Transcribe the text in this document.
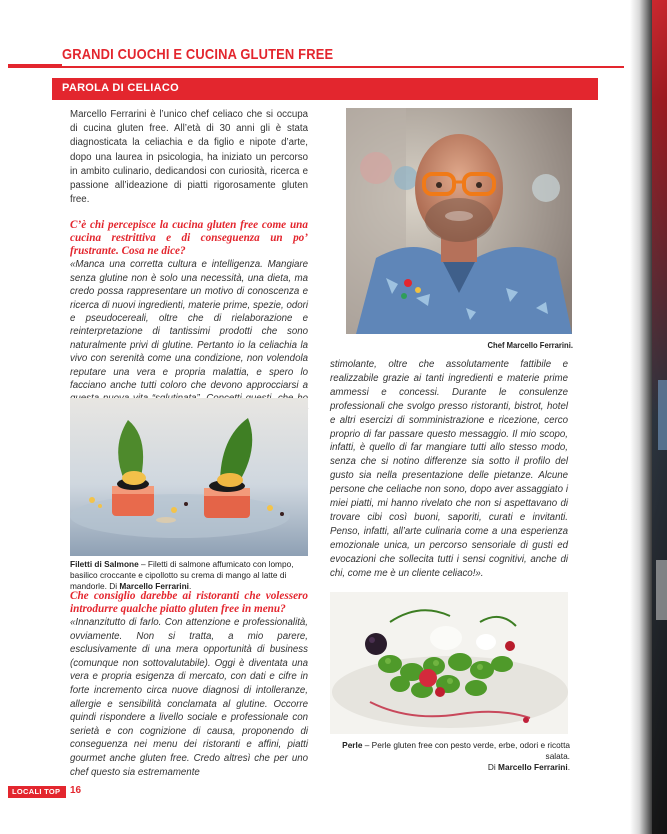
GRANDI CUOCHI E CUCINA GLUTEN FREE
PAROLA DI CELIACO

Marcello Ferrarini è l’unico chef celiaco che si occupa di cucina gluten free. All’età di 30 anni gli è stata diagnosticata la celiachia e da figlio e nipote d’arte, dopo una laurea in psicologia, ha iniziato un percorso in ambito culinario, dedicandosi con curiosità, ricerca e passione all’ideazione di piatti rigorosamente gluten free.

C’è chi percepisce la cucina gluten free come una cucina restrittiva e di conseguenza un po’ frustrante. Cosa ne dice?

«Manca una corretta cultura e intelligenza. Mangiare senza glutine non è solo una necessità, una dieta, ma credo possa rappresentare un motivo di conoscenza e ricerca di nuovi ingredienti, materie prime, spezie, odori e pseudocereali, oltre che di rielaborazione e reinterpretazione di tantissimi prodotti che sono naturalmente privi di glutine. Pertanto io la celiachia la vivo con serenità come una condizione, non volendola reputare una vera e propria malattia, e spero lo facciano anche tutti coloro che devono approcciarsi a

Chef Marcello Ferrarini.

stimolante, oltre che assolutamente fattibile e realizzabile grazie ai tanti ingredienti e materie prime ammessi e concessi. Durante le consulenze professionali che svolgo presso ristoranti, bistrot, hotel e altri esercizi di somministrazione e ricezione, cerco proprio di far passare questo messaggio. Il mio scopo, infatti, è quello di far mangiare tutti allo stesso modo, senza che si notino differenze sia sotto il profilo del gusto sia nella presentazione delle pietanze. Alcune persone che celiache non sono, dopo aver assaggiato i miei piatti, mi hanno rivelato che non si aspettavano di trovare cibi così buoni, saporiti, curati e invitanti. Penso, infatti, all’arte culinaria come a una esperienza emozionale unica, un percorso sensoriale di gusti ed evocazioni che sollecita tutti i sensi cognitivi, anche di chi, come me è un cliente celiaco!».

Filetti di Salmone – Filetti di salmone affumicato con lompo, basilico croccante e cipollotto su crema di mango al latte di mandorle. Di Marcello Ferrarini.

Che consiglio darebbe ai ristoranti che volessero introdurre qualche piatto gluten free in menu?

«Innanzitutto di farlo. Con attenzione e professionalità, ovviamente. Non si tratta, a mio parere, esclusivamente di una mera opportunità di business (comunque non sottovalutabile). Oggi è diventata una vera e propria esigenza di mercato, con dati e cifre in forte incremento circa nuove diagnosi di intolleranze, allergie e sensibilità conclamata al glutine. Occorre quindi rispondere a livello sociale e professionale con serietà e con cognizione di causa, proponendo di conseguenza nei menu dei ristoranti e affini, piatti gourmet anche gluten free. Credo altresì che per uno chef questo sia estremamente

Perle – Perle gluten free con pesto verde, erbe, odori e ricotta salata.
Di Marcello Ferrarini.
LOCALI TOP 16
